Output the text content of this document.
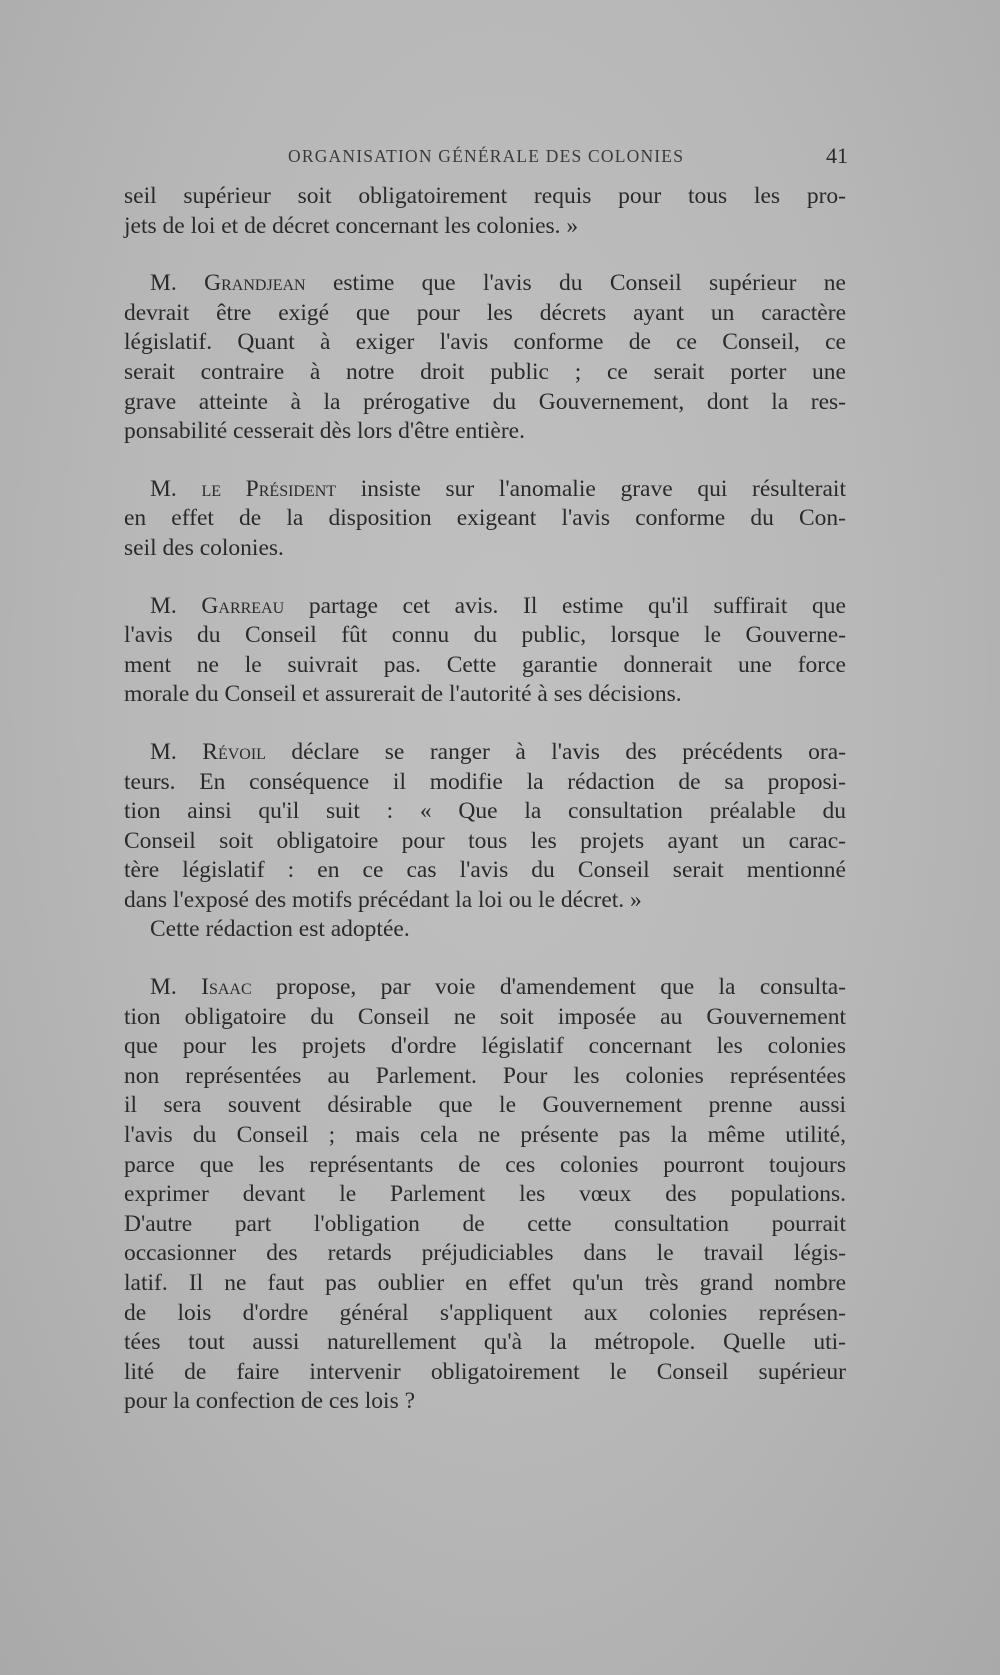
ORGANISATION GÉNÉRALE DES COLONIES	41
seil supérieur soit obligatoirement requis pour tous les pro-
jets de loi et de décret concernant les colonies. »
M. Grandjean estime que l'avis du Conseil supérieur ne
devrait être exigé que pour les décrets ayant un caractère
législatif. Quant à exiger l'avis conforme de ce Conseil, ce
serait contraire à notre droit public ; ce serait porter une
grave atteinte à la prérogative du Gouvernement, dont la res-
ponsabilité cesserait dès lors d'être entière.
M. le Président insiste sur l'anomalie grave qui résulterait
en effet de la disposition exigeant l'avis conforme du Con-
seil des colonies.
M. Garreau partage cet avis. Il estime qu'il suffirait que
l'avis du Conseil fût connu du public, lorsque le Gouverne-
ment ne le suivrait pas. Cette garantie donnerait une force
morale du Conseil et assurerait de l'autorité à ses décisions.
M. Révoil déclare se ranger à l'avis des précédents ora-
teurs. En conséquence il modifie la rédaction de sa proposi-
tion ainsi qu'il suit : « Que la consultation préalable du
Conseil soit obligatoire pour tous les projets ayant un carac-
tère législatif : en ce cas l'avis du Conseil serait mentionné
dans l'exposé des motifs précédant la loi ou le décret. »
Cette rédaction est adoptée.
M. Isaac propose, par voie d'amendement que la consulta-
tion obligatoire du Conseil ne soit imposée au Gouvernement
que pour les projets d'ordre législatif concernant les colonies
non représentées au Parlement. Pour les colonies représentées
il sera souvent désirable que le Gouvernement prenne aussi
l'avis du Conseil ; mais cela ne présente pas la même utilité,
parce que les représentants de ces colonies pourront toujours
exprimer devant le Parlement les vœux des populations.
D'autre part l'obligation de cette consultation pourrait
occasionner des retards préjudiciables dans le travail légis-
latif. Il ne faut pas oublier en effet qu'un très grand nombre
de lois d'ordre général s'appliquent aux colonies représen-
tées tout aussi naturellement qu'à la métropole. Quelle uti-
lité de faire intervenir obligatoirement le Conseil supérieur
pour la confection de ces lois ?
